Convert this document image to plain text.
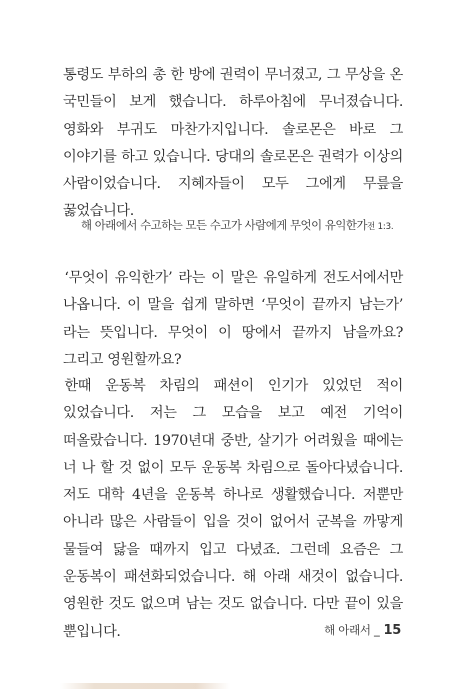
통령도 부하의 총 한 방에 권력이 무너졌고, 그 무상을 온 국민들이 보게 했습니다. 하루아침에 무너졌습니다. 영화와 부귀도 마찬가지입니다. 솔로몬은 바로 그 이야기를 하고 있습니다. 당대의 솔로몬은 권력가 이상의 사람이었습니다. 지혜자들이 모두 그에게 무릎을 꿇었습니다.

해 아래에서 수고하는 모든 수고가 사람에게 무엇이 유익한가전 1:3.

‘무엇이 유익한가’ 라는 이 말은 유일하게 전도서에서만 나옵니다. 이 말을 쉽게 말하면 ‘무엇이 끝까지 남는가’ 라는 뜻입니다. 무엇이 이 땅에서 끝까지 남을까요? 그리고 영원할까요?

한때 운동복 차림의 패션이 인기가 있었던 적이 있었습니다. 저는 그 모습을 보고 예전 기억이 떠올랐습니다. 1970년대 중반, 살기가 어려웠을 때에는 너 나 할 것 없이 모두 운동복 차림으로 돌아다녔습니다. 저도 대학 4년을 운동복 하나로 생활했습니다. 저뿐만 아니라 많은 사람들이 입을 것이 없어서 군복을 까맣게 물들여 닳을 때까지 입고 다녔죠. 그런데 요즘은 그 운동복이 패션화되었습니다. 해 아래 새것이 없습니다. 영원한 것도 없으며 남는 것도 없습니다. 다만 끝이 있을 뿐입니다.	해 아래서 _ 15
